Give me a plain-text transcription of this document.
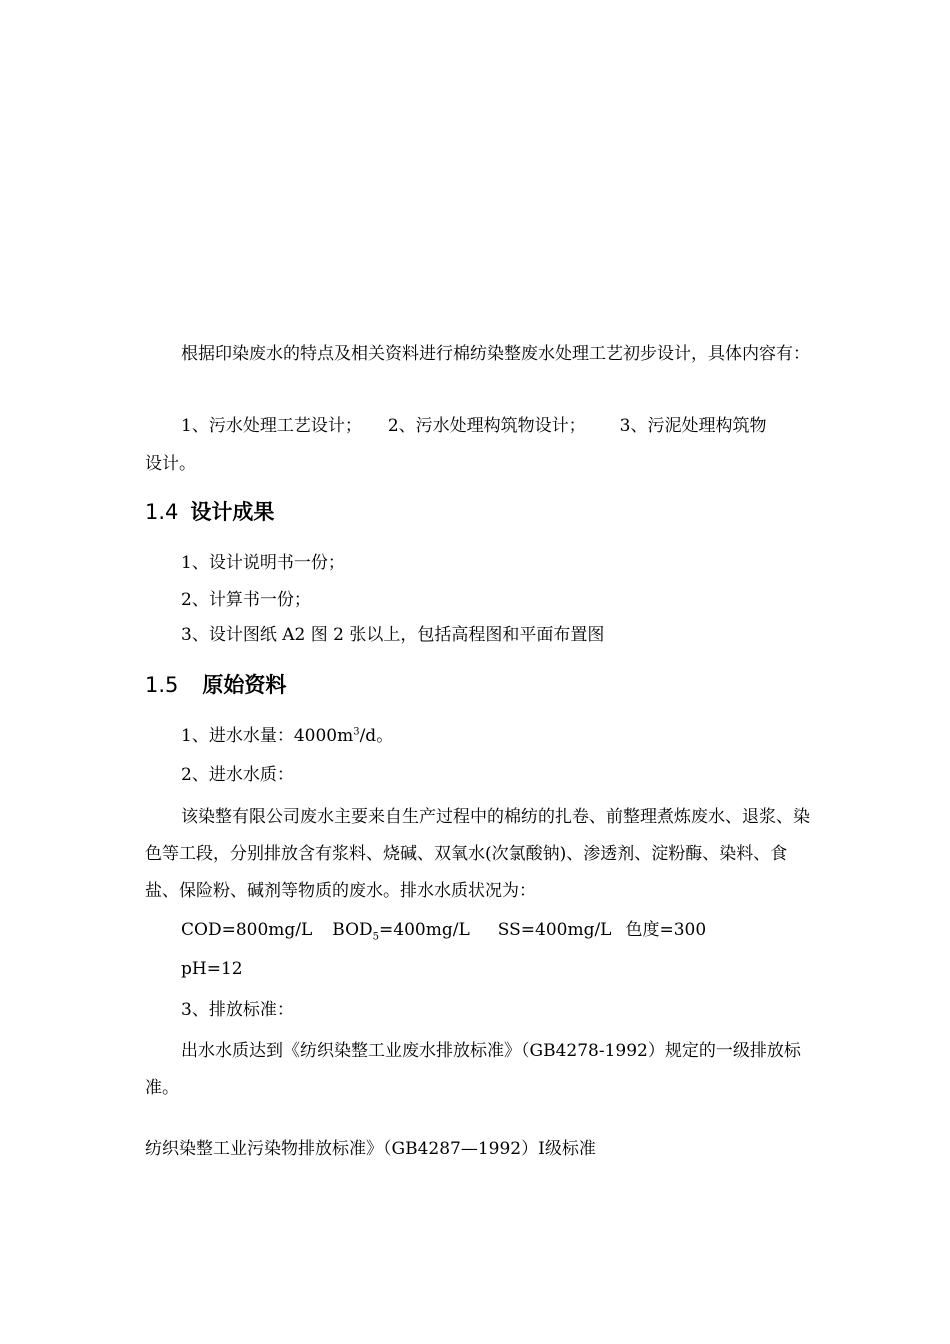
根据印染废水的特点及相关资料进行棉纺染整废水处理工艺初步设计，具体内容有：

1、污水处理工艺设计； 2、污水处理构筑物设计； 3、污泥处理构筑物
设计。
1.4 设计成果
1、设计说明书一份；
2、计算书一份；
3、设计图纸 A2 图 2 张以上，包括高程图和平面布置图
1.5 原始资料
1、进水水量：$4000m^3/d$。
2、进水水质：

该染整有限公司废水主要来自生产过程中的棉纺的扎卷、前整理煮炼废水、退浆、染色等工段，分别排放含有浆料、烧碱、双氧水(次氯酸钠)、渗透剂、淀粉酶、染料、食盐、保险粉、碱剂等物质的废水。排水水质状况为：

COD=800mg/L $BOD_5=400mg/L$ SS=400mg/L 色度=300
pH=12
3、排放标准：

出水水质达到《纺织染整工业废水排放标准》（GB4278-1992）规定的一级排放标准。

纺织染整工业污染物排放标准》（GB4287—1992）Ⅰ级标准
